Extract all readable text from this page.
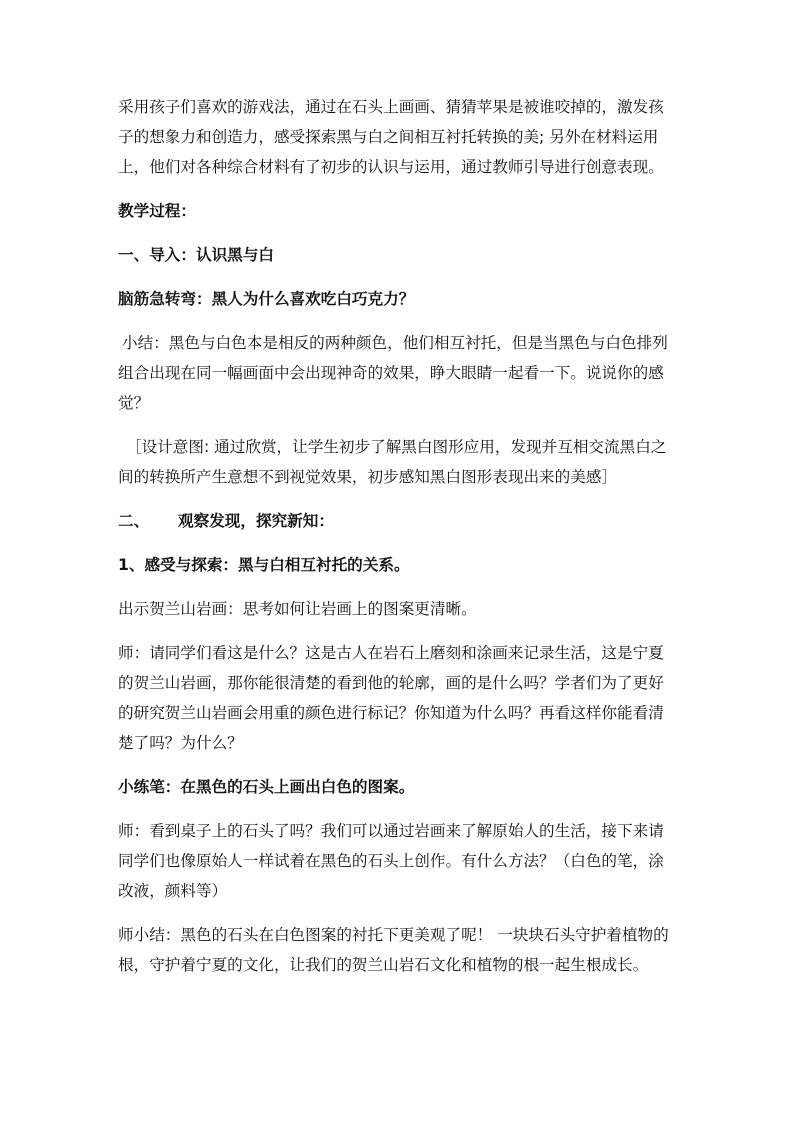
采用孩子们喜欢的游戏法，通过在石头上画画、猜猜苹果是被谁咬掉的，激发孩子的想象力和创造力，感受探索黑与白之间相互衬托转换的美; 另外在材料运用上，他们对各种综合材料有了初步的认识与运用，通过教师引导进行创意表现。

教学过程：

一、导入：认识黑与白

脑筋急转弯：黑人为什么喜欢吃白巧克力？

小结：黑色与白色本是相反的两种颜色，他们相互衬托，但是当黑色与白色排列组合出现在同一幅画面中会出现神奇的效果，睁大眼睛一起看一下。说说你的感觉？

［设计意图: 通过欣赏，让学生初步了解黑白图形应用，发现并互相交流黑白之间的转换所产生意想不到视觉效果，初步感知黑白图形表现出来的美感］

二、	观察发现，探究新知：

1、感受与探索：黑与白相互衬托的关系。

出示贺兰山岩画：思考如何让岩画上的图案更清晰。

师：请同学们看这是什么？这是古人在岩石上磨刻和涂画来记录生活，这是宁夏的贺兰山岩画，那你能很清楚的看到他的轮廓，画的是什么吗？学者们为了更好的研究贺兰山岩画会用重的颜色进行标记？你知道为什么吗？再看这样你能看清楚了吗？为什么？

小练笔：在黑色的石头上画出白色的图案。

师：看到桌子上的石头了吗？我们可以通过岩画来了解原始人的生活，接下来请同学们也像原始人一样试着在黑色的石头上创作。有什么方法？（白色的笔，涂改液，颜料等）

师小结：黑色的石头在白色图案的衬托下更美观了呢！ 一块块石头守护着植物的根，守护着宁夏的文化，让我们的贺兰山岩石文化和植物的根一起生根成长。
